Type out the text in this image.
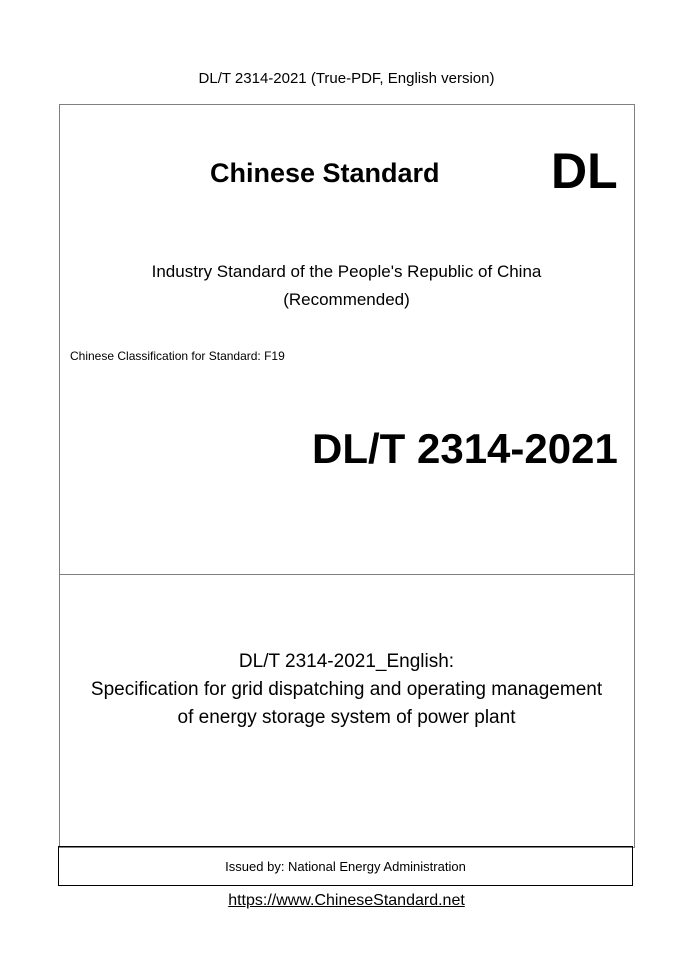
DL/T 2314-2021 (True-PDF, English version)
Chinese Standard DL
Industry Standard of the People's Republic of China
(Recommended)
Chinese Classification for Standard: F19
DL/T 2314-2021
DL/T 2314-2021_English:
Specification for grid dispatching and operating management
of energy storage system of power plant
Issued by: National Energy Administration
https://www.ChineseStandard.net
